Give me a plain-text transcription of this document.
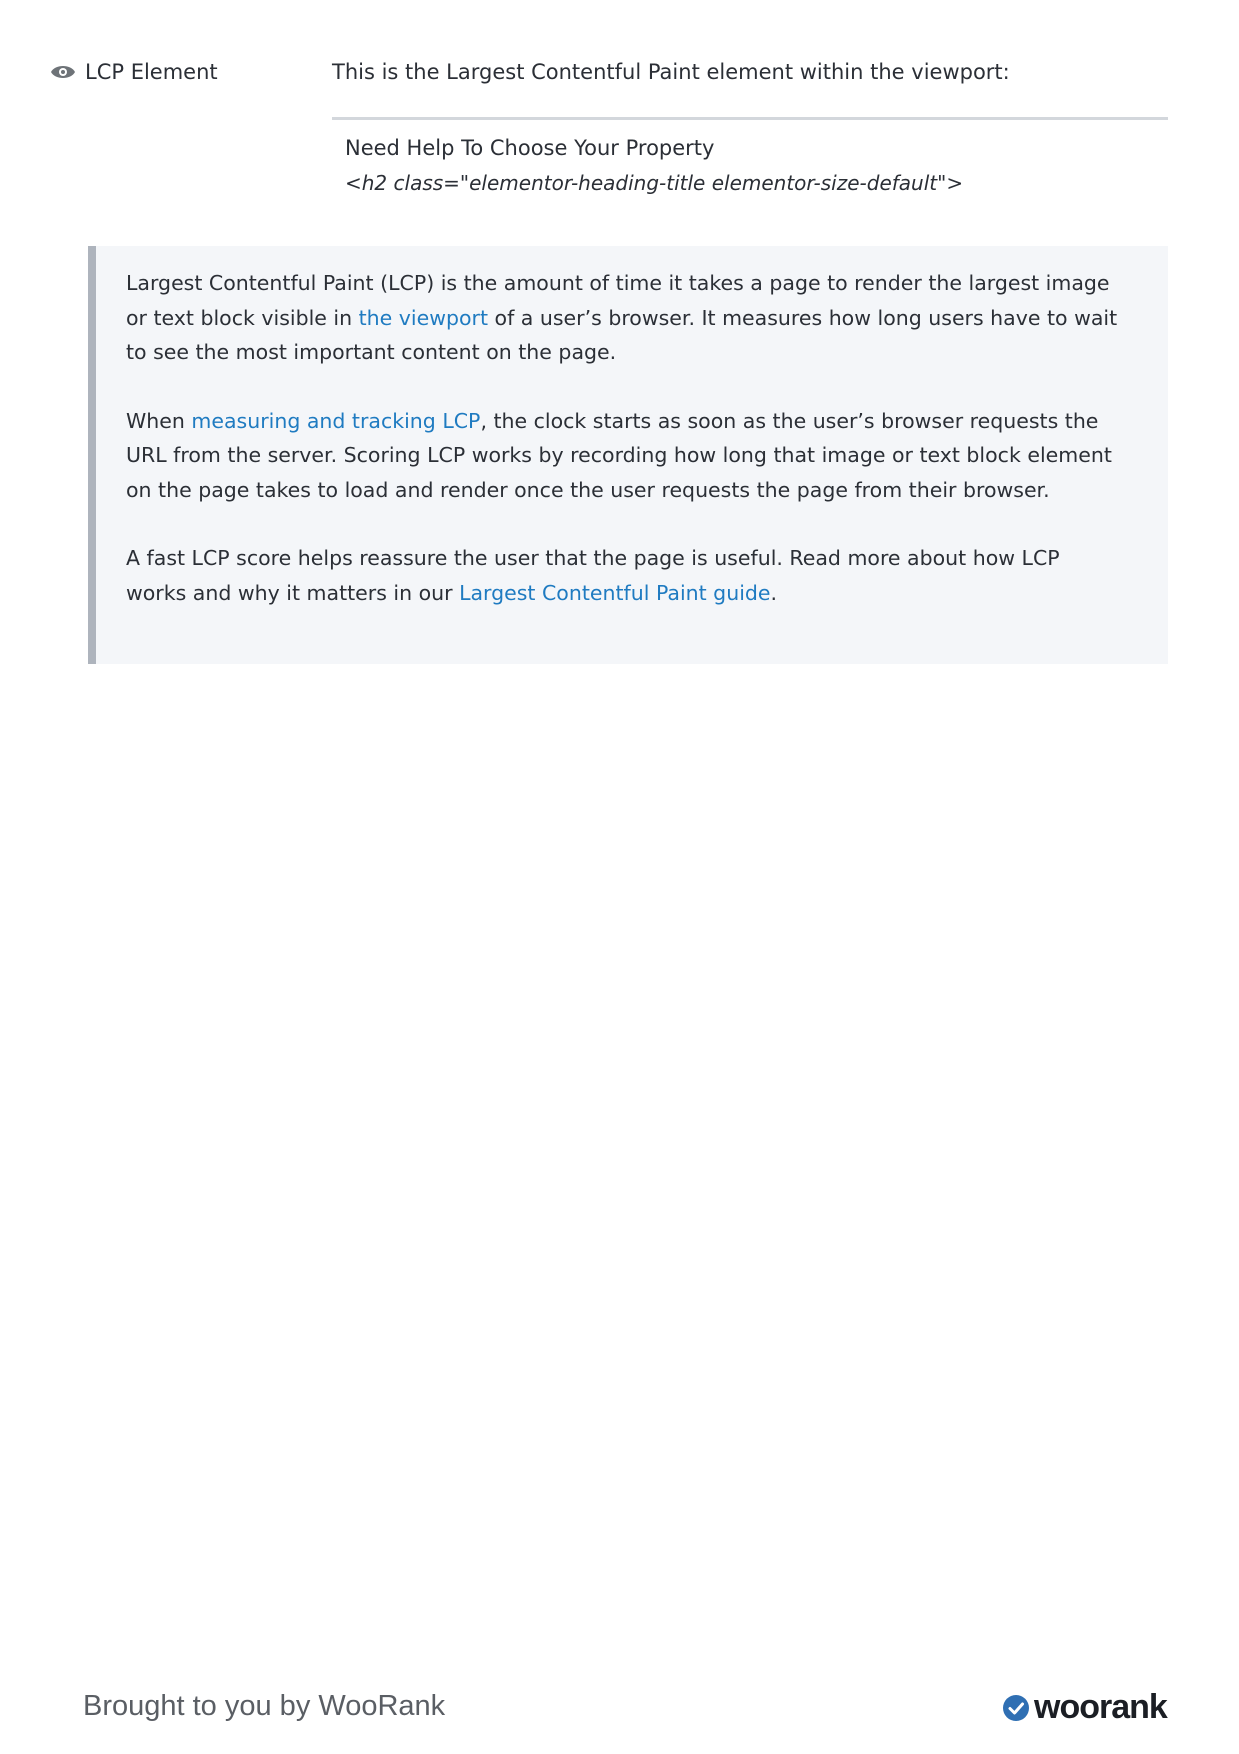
LCP Element	This is the Largest Contentful Paint element within the viewport:
Need Help To Choose Your Property
<h2 class="elementor-heading-title elementor-size-default">

Largest Contentful Paint (LCP) is the amount of time it takes a page to render the largest image or text block visible in the viewport of a user’s browser. It measures how long users have to wait to see the most important content on the page.

When measuring and tracking LCP, the clock starts as soon as the user’s browser requests the URL from the server. Scoring LCP works by recording how long that image or text block element on the page takes to load and render once the user requests the page from their browser.

A fast LCP score helps reassure the user that the page is useful. Read more about how LCP works and why it matters in our Largest Contentful Paint guide.

Brought to you by WooRank	woorank
